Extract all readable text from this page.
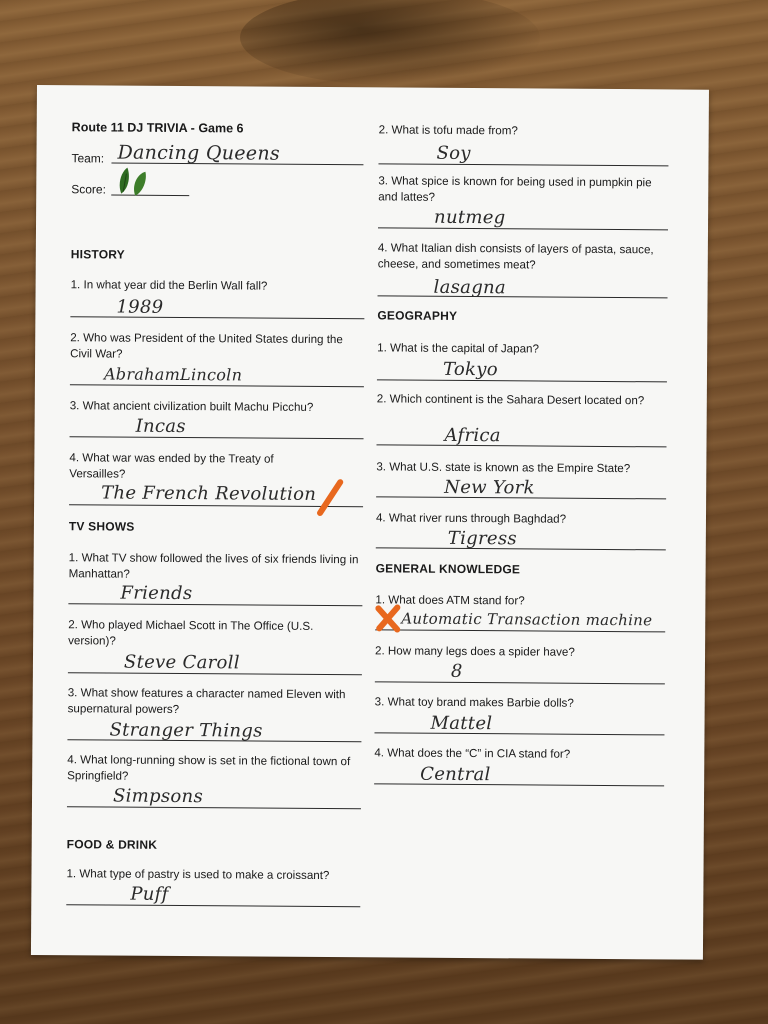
Route 11 DJ TRIVIA - Game 6
Team: Dancing Queens
Score:
HISTORY
1. In what year did the Berlin Wall fall?
1989
2. Who was President of the United States during the Civil War?
AbrahamLincoln
3. What ancient civilization built Machu Picchu?
Incas
4. What war was ended by the Treaty of Versailles?
The French Revolution
TV SHOWS
1. What TV show followed the lives of six friends living in Manhattan?
Friends
2. Who played Michael Scott in The Office (U.S. version)?
Steve Caroll
3. What show features a character named Eleven with supernatural powers?
Stranger Things
4. What long-running show is set in the fictional town of Springfield?
Simpsons
FOOD & DRINK
1. What type of pastry is used to make a croissant?
Puff
2. What is tofu made from?
Soy
3. What spice is known for being used in pumpkin pie and lattes?
nutmeg
4. What Italian dish consists of layers of pasta, sauce, cheese, and sometimes meat?
lasagna
GEOGRAPHY
1. What is the capital of Japan?
Tokyo
2. Which continent is the Sahara Desert located on?
Africa
3. What U.S. state is known as the Empire State?
New York
4. What river runs through Baghdad?
Tigress
GENERAL KNOWLEDGE
1. What does ATM stand for?
Automatic Transaction machine
2. How many legs does a spider have?
8
3. What toy brand makes Barbie dolls?
Mattel
4. What does the “C” in CIA stand for?
Central
